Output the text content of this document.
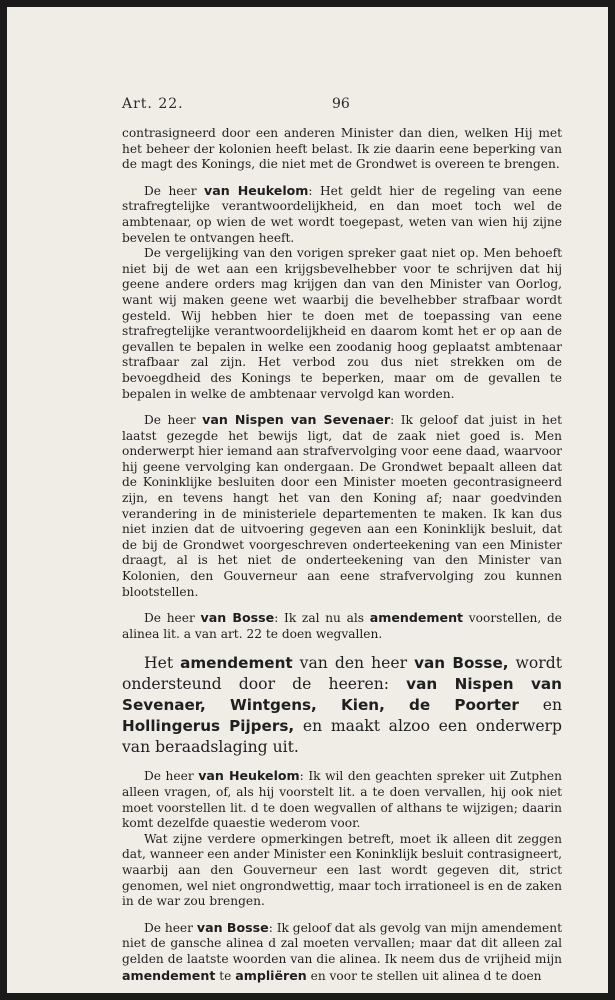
Art. 22.	96

contrasigneerd door een anderen Minister dan dien, welken Hij met het beheer der kolonien heeft belast. Ik zie daarin eene beperking van de magt des Konings, die niet met de Grondwet is overeen te brengen.

De heer van Heukelom: Het geldt hier de regeling van eene strafregtelijke verantwoordelijkheid, en dan moet toch wel de ambtenaar, op wien de wet wordt toegepast, weten van wien hij zijne bevelen te ontvangen heeft.

De vergelijking van den vorigen spreker gaat niet op. Men behoeft niet bij de wet aan een krijgsbevelhebber voor te schrijven dat hij geene andere orders mag krijgen dan van den Minister van Oorlog, want wij maken geene wet waarbij die bevelhebber strafbaar wordt gesteld. Wij hebben hier te doen met de toepassing van eene strafregtelijke verantwoordelijkheid en daarom komt het er op aan de gevallen te bepalen in welke een zoodanig hoog geplaatst ambtenaar strafbaar zal zijn. Het verbod zou dus niet strekken om de bevoegdheid des Konings te beperken, maar om de gevallen te bepalen in welke de ambtenaar vervolgd kan worden.

De heer van Nispen van Sevenaer: Ik geloof dat juist in het laatst gezegde het bewijs ligt, dat de zaak niet goed is. Men onderwerpt hier iemand aan strafvervolging voor eene daad, waarvoor hij geene vervolging kan ondergaan. De Grondwet bepaalt alleen dat de Koninklijke besluiten door een Minister moeten gecontrasigneerd zijn, en tevens hangt het van den Koning af; naar goedvinden verandering in de ministeriele departementen te maken. Ik kan dus niet inzien dat de uitvoering gegeven aan een Koninklijk besluit, dat de bij de Grondwet voorgeschreven onderteekening van een Minister draagt, al is het niet de onderteekening van den Minister van Kolonien, den Gouverneur aan eene strafvervolging zou kunnen blootstellen.

De heer van Bosse: Ik zal nu als amendement voorstellen, de alinea lit. a van art. 22 te doen wegvallen.

Het amendement van den heer van Bosse, wordt ondersteund door de heeren: van Nispen van Sevenaer, Wintgens, Kien, de Poorter en Hollingerus Pijpers, en maakt alzoo een onderwerp van beraadslaging uit.

De heer van Heukelom: Ik wil den geachten spreker uit Zutphen alleen vragen, of, als hij voorstelt lit. a te doen vervallen, hij ook niet moet voorstellen lit. d te doen wegvallen of althans te wijzigen; daarin komt dezelfde quaestie wederom voor.

Wat zijne verdere opmerkingen betreft, moet ik alleen dit zeggen dat, wanneer een ander Minister een Koninklijk besluit contrasigneert, waarbij aan den Gouverneur een last wordt gegeven dit, strict genomen, wel niet ongrondwettig, maar toch irrationeel is en de zaken in de war zou brengen.

De heer van Bosse: Ik geloof dat als gevolg van mijn amendement niet de gansche alinea d zal moeten vervallen; maar dat dit alleen zal gelden de laatste woorden van die alinea. Ik neem dus de vrijheid mijn amendement te ampliëren en voor te stellen uit alinea d te doen
